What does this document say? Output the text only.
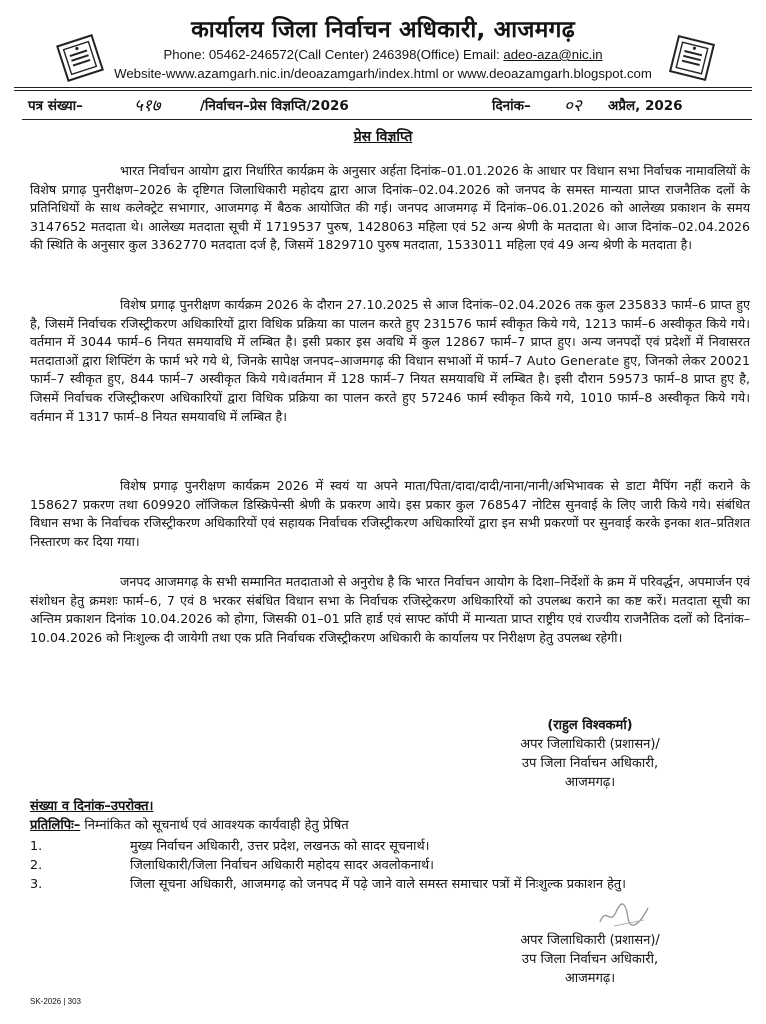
कार्यालय जिला निर्वाचन अधिकारी, आजमगढ़
Phone: 05462-246572(Call Center) 246398(Office) Email: adeo-aza@nic.in
Website-www.azamgarh.nic.in/deoazamgarh/index.html or www.deoazamgarh.blogspot.com
पत्र संख्या–	५१७	/निर्वाचन–प्रेस विज्ञप्ति/2026	दिनांक– ०२ अप्रैल, 2026
प्रेस विज्ञप्ति

भारत निर्वाचन आयोग द्वारा निर्धारित कार्यक्रम के अनुसार अर्हता दिनांक–01.01.2026 के आधार पर विधान सभा निर्वाचक नामावलियों के विशेष प्रगाढ़ पुनरीक्षण–2026 के दृष्टिगत जिलाधिकारी महोदय द्वारा आज दिनांक–02.04.2026 को जनपद के समस्त मान्यता प्राप्त राजनैतिक दलों के प्रतिनिधियों के साथ कलेक्ट्रेट सभागार, आजमगढ़ में बैठक आयोजित की गई। जनपद आजमगढ़ में दिनांक–06.01.2026 को आलेख्य प्रकाशन के समय 3147652 मतदाता थे। आलेख्य मतदाता सूची में 1719537 पुरुष, 1428063 महिला एवं 52 अन्य श्रेणी के मतदाता थे। आज दिनांक–02.04.2026 की स्थिति के अनुसार कुल 3362770 मतदाता दर्ज है, जिसमें 1829710 पुरुष मतदाता, 1533011 महिला एवं 49 अन्य श्रेणी के मतदाता है।

विशेष प्रगाढ़ पुनरीक्षण कार्यक्रम 2026 के दौरान 27.10.2025 से आज दिनांक–02.04.2026 तक कुल 235833 फार्म–6 प्राप्त हुए है, जिसमें निर्वाचक रजिस्ट्रीकरण अधिकारियों द्वारा विधिक प्रक्रिया का पालन करते हुए 231576 फार्म स्वीकृत किये गये, 1213 फार्म–6 अस्वीकृत किये गये। वर्तमान में 3044 फार्म–6 नियत समयावधि में लम्बित है। इसी प्रकार इस अवधि में कुल 12867 फार्म–7 प्राप्त हुए। अन्य जनपदों एवं प्रदेशों में निवासरत मतदाताओं द्वारा शिफ्टिंग के फार्म भरे गये थे, जिनके सापेक्ष जनपद–आजमगढ़ की विधान सभाओं में फार्म–7 Auto Generate हुए, जिनको लेकर 20021 फार्म–7 स्वीकृत हुए, 844 फार्म–7 अस्वीकृत किये गये।वर्तमान में 128 फार्म–7 नियत समयावधि में लम्बित है। इसी दौरान 59573 फार्म–8 प्राप्त हुए है, जिसमें निर्वाचक रजिस्ट्रीकरण अधिकारियों द्वारा विधिक प्रक्रिया का पालन करते हुए 57246 फार्म स्वीकृत किये गये, 1010 फार्म–8 अस्वीकृत किये गये। वर्तमान में 1317 फार्म–8 नियत समयावधि में लम्बित है।

विशेष प्रगाढ़ पुनरीक्षण कार्यक्रम 2026 में स्वयं या अपने माता/पिता/दादा/दादी/नाना/नानी/अभिभावक से डाटा मैपिंग नहीं कराने के 158627 प्रकरण तथा 609920 लॉजिकल डिस्क्रिपेन्सी श्रेणी के प्रकरण आये। इस प्रकार कुल 768547 नोटिस सुनवाई के लिए जारी किये गये। संबंधित विधान सभा के निर्वाचक रजिस्ट्रीकरण अधिकारियों एवं सहायक निर्वाचक रजिस्ट्रीकरण अधिकारियों द्वारा इन सभी प्रकरणों पर सुनवाई करके इनका शत–प्रतिशत निस्तारण कर दिया गया।

जनपद आजमगढ़ के सभी सम्मानित मतदाताओ से अनुरोध है कि भारत निर्वाचन आयोग के दिशा–निर्देशों के क्रम में परिवर्द्धन, अपमार्जन एवं संशोधन हेतु क्रमशः फार्म–6, 7 एवं 8 भरकर संबंधित विधान सभा के निर्वाचक रजिस्ट्रेकरण अधिकारियों को उपलब्ध कराने का कष्ट करें। मतदाता सूची का अन्तिम प्रकाशन दिनांक 10.04.2026 को होगा, जिसकी 01–01 प्रति हार्ड एवं साफ्ट कॉपी में मान्यता प्राप्त राष्ट्रीय एवं राज्यीय राजनैतिक दलों को दिनांक–10.04.2026 को निःशुल्क दी जायेगी तथा एक प्रति निर्वाचक रजिस्ट्रीकरण अधिकारी के कार्यालय पर निरीक्षण हेतु उपलब्ध रहेगी।

(राहुल विश्वकर्मा)
अपर जिलाधिकारी (प्रशासन)/
उप जिला निर्वाचन अधिकारी,
आजमगढ़।
संख्या व दिनांक–उपरोक्त।
प्रतिलिपिः– निम्नांकित को सूचनार्थ एवं आवश्यक कार्यवाही हेतु प्रेषित
1.	मुख्य निर्वाचन अधिकारी, उत्तर प्रदेश, लखनऊ को सादर सूचनार्थ।
2.	जिलाधिकारी/जिला निर्वाचन अधिकारी महोदय सादर अवलोकनार्थ।
3.	जिला सूचना अधिकारी, आजमगढ़ को जनपद में पढ़े जाने वाले समस्त समाचार पत्रों में निःशुल्क प्रकाशन हेतु।
अपर जिलाधिकारी (प्रशासन)/
उप जिला निर्वाचन अधिकारी,
आजमगढ़।
SK-2026 | 303
